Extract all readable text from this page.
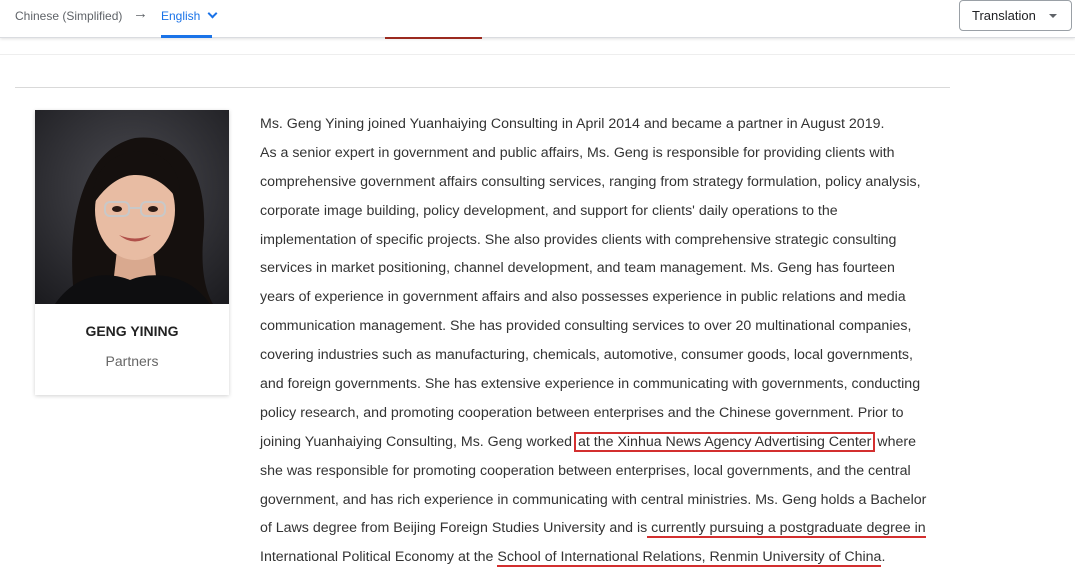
Chinese (Simplified) → English	Translation
GENG YINING
Partners
Ms. Geng Yining joined Yuanhaiying Consulting in April 2014 and became a partner in August 2019.
As a senior expert in government and public affairs, Ms. Geng is responsible for providing clients with
comprehensive government affairs consulting services, ranging from strategy formulation, policy analysis,
corporate image building, policy development, and support for clients' daily operations to the
implementation of specific projects. She also provides clients with comprehensive strategic consulting
services in market positioning, channel development, and team management. Ms. Geng has fourteen
years of experience in government affairs and also possesses experience in public relations and media
communication management. She has provided consulting services to over 20 multinational companies,
covering industries such as manufacturing, chemicals, automotive, consumer goods, local governments,
and foreign governments. She has extensive experience in communicating with governments, conducting
policy research, and promoting cooperation between enterprises and the Chinese government. Prior to
joining Yuanhaiying Consulting, Ms. Geng worked at the Xinhua News Agency Advertising Center where
she was responsible for promoting cooperation between enterprises, local governments, and the central
government, and has rich experience in communicating with central ministries. Ms. Geng holds a Bachelor
of Laws degree from Beijing Foreign Studies University and is currently pursuing a postgraduate degree in
International Political Economy at the School of International Relations, Renmin University of China.
